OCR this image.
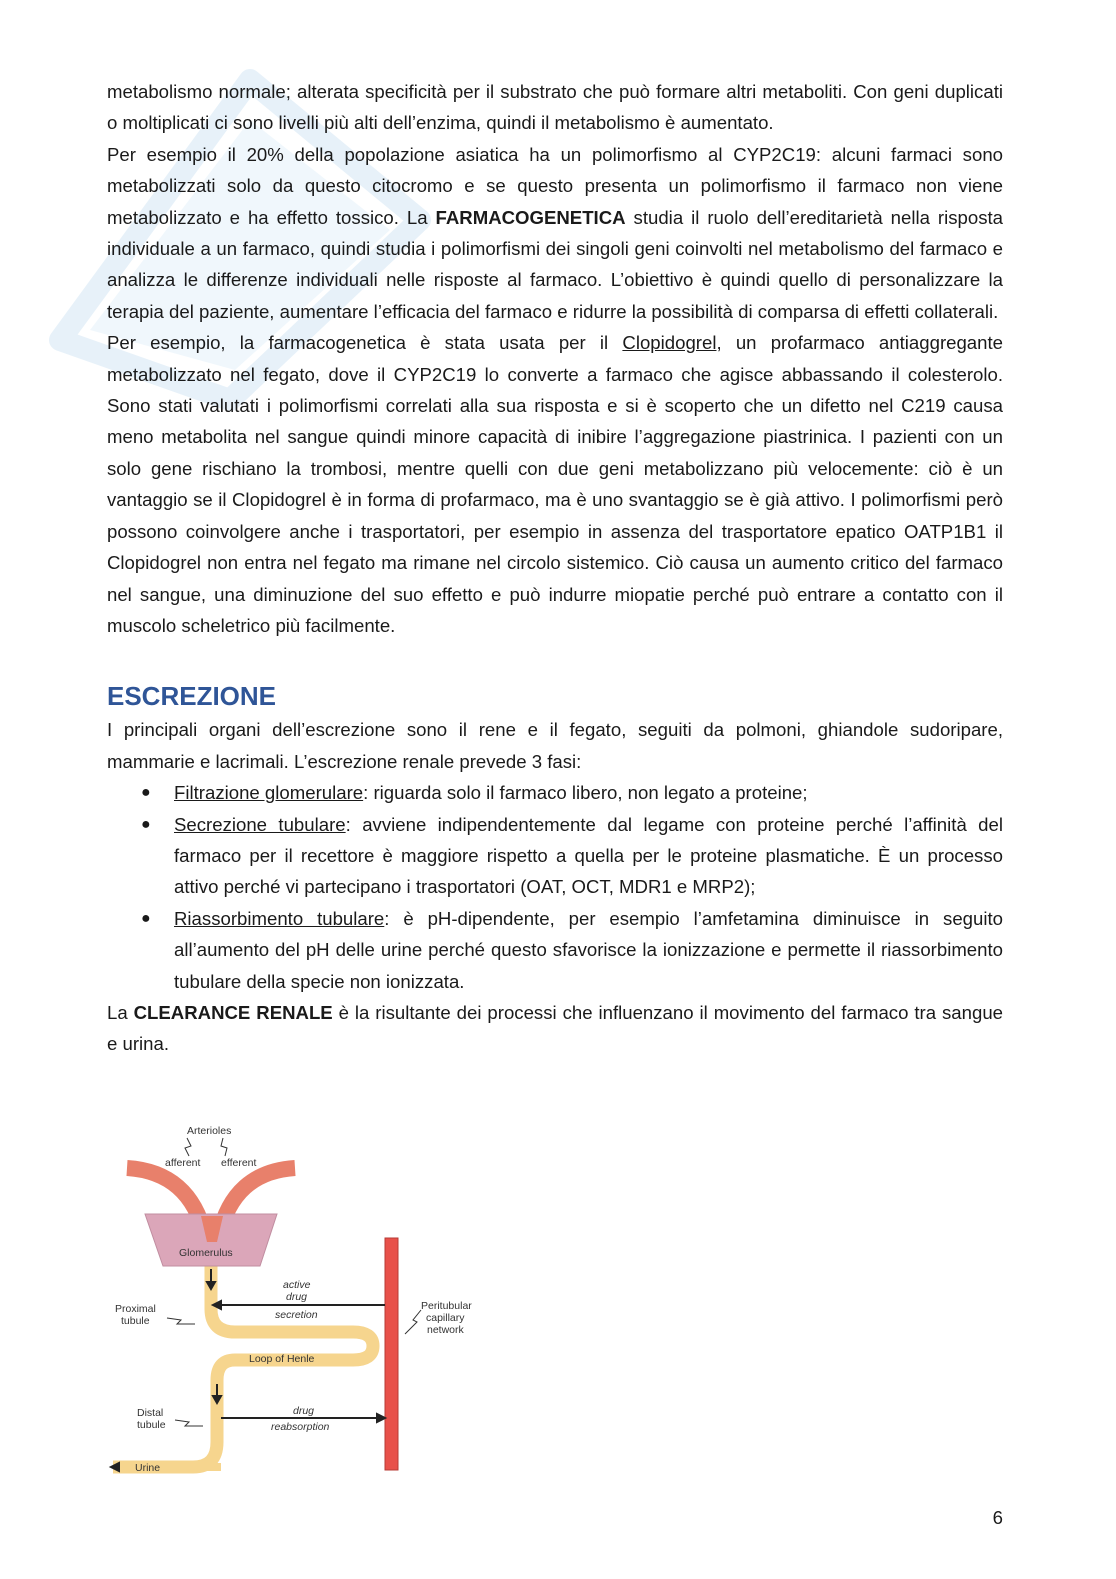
metabolismo normale; alterata specificità per il substrato che può formare altri metaboliti. Con geni duplicati o moltiplicati ci sono livelli più alti dell’enzima, quindi il metabolismo è aumentato.

Per esempio il 20% della popolazione asiatica ha un polimorfismo al CYP2C19: alcuni farmaci sono metabolizzati solo da questo citocromo e se questo presenta un polimorfismo il farmaco non viene metabolizzato e ha effetto tossico. La FARMACOGENETICA studia il ruolo dell’ereditarietà nella risposta individuale a un farmaco, quindi studia i polimorfismi dei singoli geni coinvolti nel metabolismo del farmaco e analizza le differenze individuali nelle risposte al farmaco. L’obiettivo è quindi quello di personalizzare la terapia del paziente, aumentare l’efficacia del farmaco e ridurre la possibilità di comparsa di effetti collaterali.

Per esempio, la farmacogenetica è stata usata per il Clopidogrel, un profarmaco antiaggregante metabolizzato nel fegato, dove il CYP2C19 lo converte a farmaco che agisce abbassando il colesterolo. Sono stati valutati i polimorfismi correlati alla sua risposta e si è scoperto che un difetto nel C219 causa meno metabolita nel sangue quindi minore capacità di inibire l’aggregazione piastrinica. I pazienti con un solo gene rischiano la trombosi, mentre quelli con due geni metabolizzano più velocemente: ciò è un vantaggio se il Clopidogrel è in forma di profarmaco, ma è uno svantaggio se è già attivo. I polimorfismi però possono coinvolgere anche i trasportatori, per esempio in assenza del trasportatore epatico OATP1B1 il Clopidogrel non entra nel fegato ma rimane nel circolo sistemico. Ciò causa un aumento critico del farmaco nel sangue, una diminuzione del suo effetto e può indurre miopatie perché può entrare a contatto con il muscolo scheletrico più facilmente.

ESCREZIONE

I principali organi dell’escrezione sono il rene e il fegato, seguiti da polmoni, ghiandole sudoripare, mammarie e lacrimali. L’escrezione renale prevede 3 fasi:

● Filtrazione glomerulare: riguarda solo il farmaco libero, non legato a proteine;
● Secrezione tubulare: avviene indipendentemente dal legame con proteine perché l’affinità del farmaco per il recettore è maggiore rispetto a quella per le proteine plasmatiche. È un processo attivo perché vi partecipano i trasportatori (OAT, OCT, MDR1 e MRP2);
● Riassorbimento tubulare: è pH-dipendente, per esempio l’amfetamina diminuisce in seguito all’aumento del pH delle urine perché questo sfavorisce la ionizzazione e permette il riassorbimento tubulare della specie non ionizzata.

La CLEARANCE RENALE è la risultante dei processi che influenzano il movimento del farmaco tra sangue e urina.

Arterioles
afferent efferent
Glomerulus
Proximal
tubule
active
drug
secretion
Peritubular
capillary
network
Loop of Henle
Distal
tubule
drug
reabsorption
Urine
6
